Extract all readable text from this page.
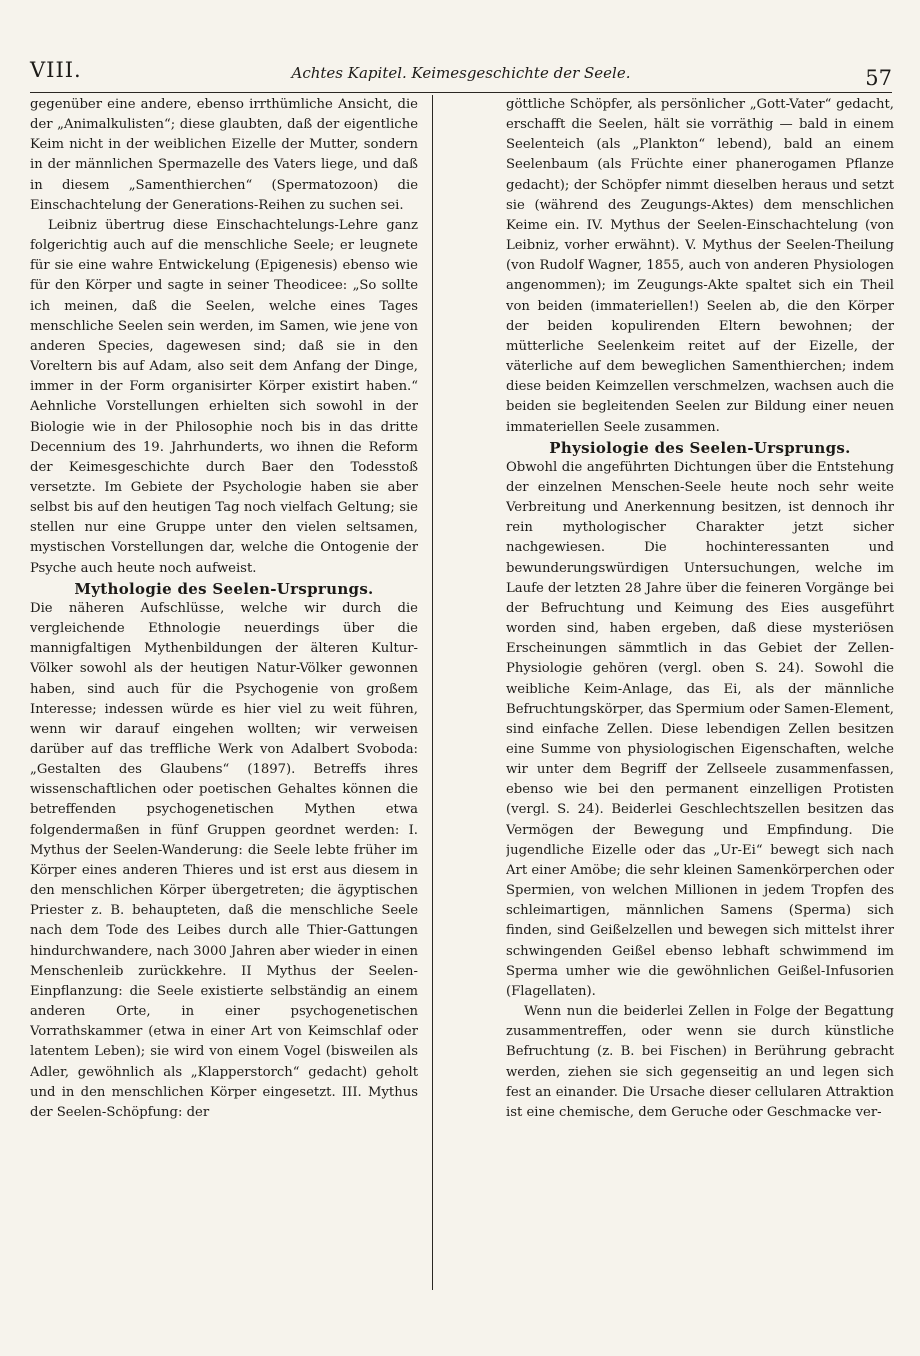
VIII.	Achtes Kapitel. Keimesgeschichte der Seele.	57

gegenüber eine andere, ebenso irrthümliche Ansicht, die der „Animalkulisten“; diese glaubten, daß der eigentliche Keim nicht in der weiblichen Eizelle der Mutter, sondern in der männlichen Spermazelle des Vaters liege, und daß in diesem „Samenthierchen“ (Spermatozoon) die Einschachtelung der Generations-Reihen zu suchen sei.

Leibniz übertrug diese Einschachtelungs-Lehre ganz folgerichtig auch auf die menschliche Seele; er leugnete für sie eine wahre Entwickelung (Epigenesis) ebenso wie für den Körper und sagte in seiner Theodicee: „So sollte ich meinen, daß die Seelen, welche eines Tages menschliche Seelen sein werden, im Samen, wie jene von anderen Species, dagewesen sind; daß sie in den Voreltern bis auf Adam, also seit dem Anfang der Dinge, immer in der Form organisirter Körper existirt haben.“ Aehnliche Vorstellungen erhielten sich sowohl in der Biologie wie in der Philosophie noch bis in das dritte Decennium des 19. Jahrhunderts, wo ihnen die Reform der Keimesgeschichte durch Baer den Todesstoß versetzte. Im Gebiete der Psychologie haben sie aber selbst bis auf den heutigen Tag noch vielfach Geltung; sie stellen nur eine Gruppe unter den vielen seltsamen, mystischen Vorstellungen dar, welche die Ontogenie der Psyche auch heute noch aufweist.

Mythologie des Seelen-Ursprungs.

Die näheren Aufschlüsse, welche wir durch die vergleichende Ethnologie neuerdings über die mannigfaltigen Mythenbildungen der älteren Kultur-Völker sowohl als der heutigen Natur-Völker gewonnen haben, sind auch für die Psychogenie von großem Interesse; indessen würde es hier viel zu weit führen, wenn wir darauf eingehen wollten; wir verweisen darüber auf das treffliche Werk von Adalbert Svoboda: „Gestalten des Glaubens“ (1897). Betreffs ihres wissenschaftlichen oder poetischen Gehaltes können die betreffenden psychogenetischen Mythen etwa folgendermaßen in fünf Gruppen geordnet werden: I. Mythus der Seelen-Wanderung: die Seele lebte früher im Körper eines anderen Thieres und ist erst aus diesem in den menschlichen Körper übergetreten; die ägyptischen Priester z. B. behaupteten, daß die menschliche Seele nach dem Tode des Leibes durch alle Thier-Gattungen hindurchwandere, nach 3000 Jahren aber wieder in einen Menschenleib zurückkehre. II Mythus der Seelen-Einpflanzung: die Seele existierte selbständig an einem anderen Orte, in einer psychogenetischen Vorrathskammer (etwa in einer Art von Keimschlaf oder latentem Leben); sie wird von einem Vogel (bisweilen als Adler, gewöhnlich als „Klapperstorch“ gedacht) geholt und in den menschlichen Körper eingesetzt. III. Mythus der Seelen-Schöpfung: der

göttliche Schöpfer, als persönlicher „Gott-Vater“ gedacht, erschafft die Seelen, hält sie vorräthig — bald in einem Seelenteich (als „Plankton“ lebend), bald an einem Seelenbaum (als Früchte einer phanerogamen Pflanze gedacht); der Schöpfer nimmt dieselben heraus und setzt sie (während des Zeugungs-Aktes) dem menschlichen Keime ein. IV. Mythus der Seelen-Einschachtelung (von Leibniz, vorher erwähnt). V. Mythus der Seelen-Theilung (von Rudolf Wagner, 1855, auch von anderen Physiologen angenommen); im Zeugungs-Akte spaltet sich ein Theil von beiden (immateriellen!) Seelen ab, die den Körper der beiden kopulirenden Eltern bewohnen; der mütterliche Seelenkeim reitet auf der Eizelle, der väterliche auf dem beweglichen Samenthierchen; indem diese beiden Keimzellen verschmelzen, wachsen auch die beiden sie begleitenden Seelen zur Bildung einer neuen immateriellen Seele zusammen.

Physiologie des Seelen-Ursprungs.

Obwohl die angeführten Dichtungen über die Entstehung der einzelnen Menschen-Seele heute noch sehr weite Verbreitung und Anerkennung besitzen, ist dennoch ihr rein mythologischer Charakter jetzt sicher nachgewiesen. Die hochinteressanten und bewunderungswürdigen Untersuchungen, welche im Laufe der letzten 28 Jahre über die feineren Vorgänge bei der Befruchtung und Keimung des Eies ausgeführt worden sind, haben ergeben, daß diese mysteriösen Erscheinungen sämmtlich in das Gebiet der Zellen-Physiologie gehören (vergl. oben S. 24). Sowohl die weibliche Keim-Anlage, das Ei, als der männliche Befruchtungskörper, das Spermium oder Samen-Element, sind einfache Zellen. Diese lebendigen Zellen besitzen eine Summe von physiologischen Eigenschaften, welche wir unter dem Begriff der Zellseele zusammenfassen, ebenso wie bei den permanent einzelligen Protisten (vergl. S. 24). Beiderlei Geschlechtszellen besitzen das Vermögen der Bewegung und Empfindung. Die jugendliche Eizelle oder das „Ur-Ei“ bewegt sich nach Art einer Amöbe; die sehr kleinen Samenkörperchen oder Spermien, von welchen Millionen in jedem Tropfen des schleimartigen, männlichen Samens (Sperma) sich finden, sind Geißelzellen und bewegen sich mittelst ihrer schwingenden Geißel ebenso lebhaft schwimmend im Sperma umher wie die gewöhnlichen Geißel-Infusorien (Flagellaten).

Wenn nun die beiderlei Zellen in Folge der Begattung zusammentreffen, oder wenn sie durch künstliche Befruchtung (z. B. bei Fischen) in Berührung gebracht werden, ziehen sie sich gegenseitig an und legen sich fest an einander. Die Ursache dieser cellularen Attraktion ist eine chemische, dem Geruche oder Geschmacke ver-
